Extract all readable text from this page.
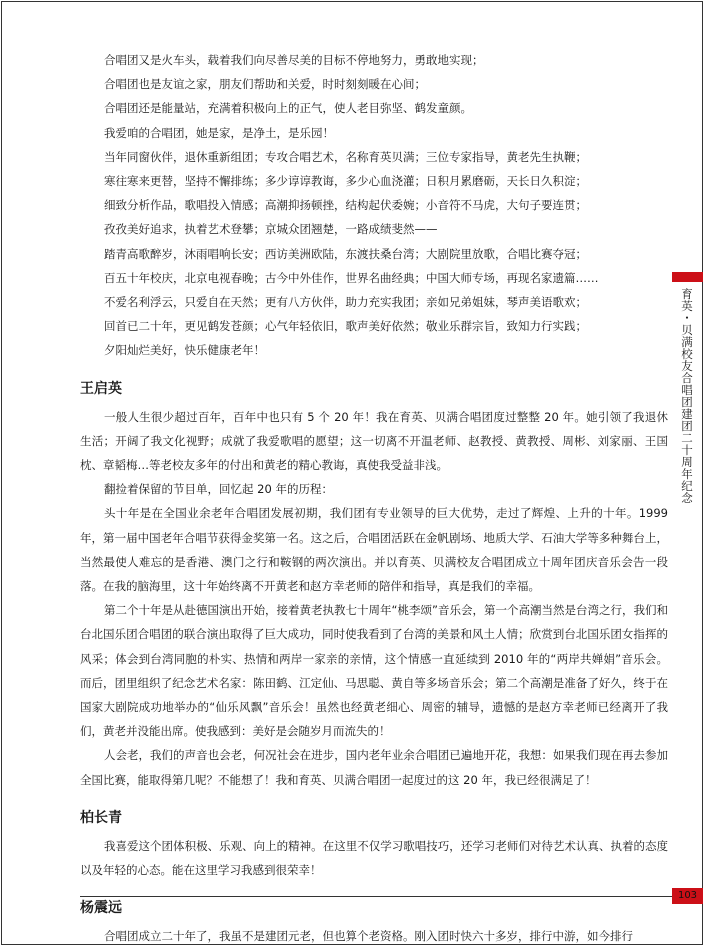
合唱团又是火车头，载着我们向尽善尽美的目标不停地努力，勇敢地实现；
合唱团也是友谊之家，朋友们帮助和关爱，时时刻刻暖在心间；
合唱团还是能量站，充满着积极向上的正气，使人老目弥坚、鹤发童颜。
我爱咱的合唱团，她是家，是净土，是乐园！
当年同窗伙伴，退休重新组团；专攻合唱艺术，名称育英贝满；三位专家指导，黄老先生执鞭；
寒往寒来更替，坚持不懈排练；多少谆谆教诲，多少心血浇灌；日积月累磨砺，天长日久积淀；
细致分析作品，歌唱投入情感；高潮抑扬顿挫，结构起伏委婉；小音符不马虎，大句子要连贯；
孜孜美好追求，执着艺术登攀；京城众团翘楚，一路成绩斐然——
踏青高歌醉岁，沐雨唱响长安；西访美洲欧陆，东渡扶桑台湾；大剧院里放歌，合唱比赛夺冠；
百五十年校庆，北京电视春晚；古今中外佳作，世界名曲经典；中国大师专场，再现名家遗篇……
不爱名利浮云，只爱自在天然；更有八方伙伴，助力充实我团；亲如兄弟姐妹，琴声美语歌欢；
回首已二十年，更见鹤发苍颜；心气年轻依旧，歌声美好依然；敬业乐群宗旨，致知力行实践；
夕阳灿烂美好，快乐健康老年！
王启英
一般人生很少超过百年，百年中也只有 5 个 20 年！我在育英、贝满合唱团度过整整 20 年。她引领了我退休生活；开阔了我文化视野；成就了我爱歌唱的愿望；这一切离不开温老师、赵教授、黄教授、周彬、刘家丽、王国枕、章韬梅…等老校友多年的付出和黄老的精心教诲，真使我受益非浅。
翻捡着保留的节目单，回忆起 20 年的历程：
头十年是在全国业余老年合唱团发展初期，我们团有专业领导的巨大优势，走过了辉煌、上升的十年。1999 年，第一届中国老年合唱节获得金奖第一名。这之后，合唱团活跃在金帆剧场、地质大学、石油大学等多种舞台上，当然最使人难忘的是香港、澳门之行和鞍钢的两次演出。并以育英、贝满校友合唱团成立十周年团庆音乐会告一段落。在我的脑海里，这十年始终离不开黄老和赵方幸老师的陪伴和指导，真是我们的幸福。
第二个十年是从赴德国演出开始，接着黄老执教七十周年“桃李颂”音乐会，第一个高潮当然是台湾之行，我们和台北国乐团合唱团的联合演出取得了巨大成功，同时使我看到了台湾的美景和风土人情；欣赏到台北国乐团女指挥的风采；体会到台湾同胞的朴实、热情和两岸一家亲的亲情，这个情感一直延续到 2010 年的“两岸共婵娟”音乐会。而后，团里组织了纪念艺术名家：陈田鹤、江定仙、马思聪、黄自等多场音乐会；第二个高潮是准备了好久，终于在国家大剧院成功地举办的“仙乐风飘”音乐会！虽然也经黄老细心、周密的辅导，遗憾的是赵方幸老师已经离开了我们，黄老并没能出席。使我感到：美好是会随岁月而流失的！
人会老，我们的声音也会老，何况社会在进步，国内老年业余合唱团已遍地开花，我想：如果我们现在再去参加全国比赛，能取得第几呢？不能想了！我和育英、贝满合唱团一起度过的这 20 年，我已经很满足了！
柏长青
我喜爱这个团体积极、乐观、向上的精神。在这里不仅学习歌唱技巧，还学习老师们对待艺术认真、执着的态度以及年轻的心态。能在这里学习我感到很荣幸！
杨震远
合唱团成立二十年了，我虽不是建团元老，但也算个老资格。刚入团时快六十多岁，排行中游，如今排行
育英・贝满校友合唱团建团二十周年纪念
103
